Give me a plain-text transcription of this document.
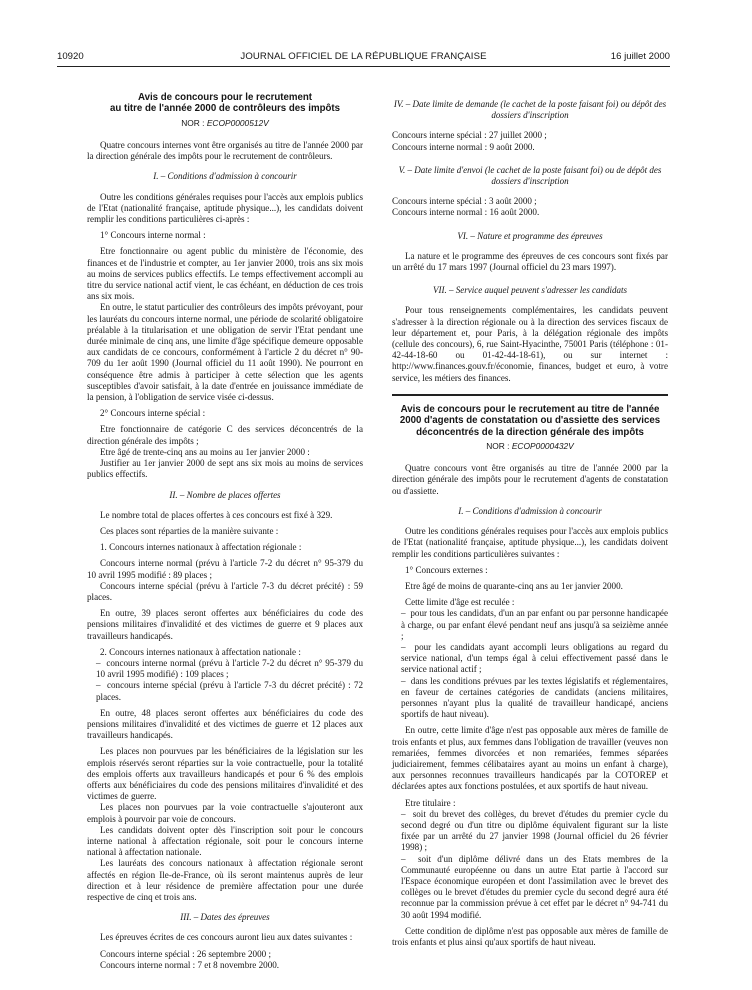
10920	JOURNAL OFFICIEL DE LA RÉPUBLIQUE FRANÇAISE	16 juillet 2000
Avis de concours pour le recrutement
au titre de l'année 2000 de contrôleurs des impôts
NOR : ECOP0000512V

Quatre concours internes vont être organisés au titre de l'année 2000 par la direction générale des impôts pour le recrutement de contrôleurs.

I. – Conditions d'admission à concourir

Outre les conditions générales requises pour l'accès aux emplois publics de l'Etat (nationalité française, aptitude physique...), les candidats doivent remplir les conditions particulières ci-après :

1° Concours interne normal :

Etre fonctionnaire ou agent public du ministère de l'économie, des finances et de l'industrie et compter, au 1er janvier 2000, trois ans six mois au moins de services publics effectifs. Le temps effectivement accompli au titre du service national actif vient, le cas échéant, en déduction de ces trois ans six mois.

En outre, le statut particulier des contrôleurs des impôts prévoyant, pour les lauréats du concours interne normal, une période de scolarité obligatoire préalable à la titularisation et une obligation de servir l'Etat pendant une durée minimale de cinq ans, une limite d'âge spécifique demeure opposable aux candidats de ce concours, conformément à l'article 2 du décret n° 90-709 du 1er août 1990 (Journal officiel du 11 août 1990). Ne pourront en conséquence être admis à participer à cette sélection que les agents susceptibles d'avoir satisfait, à la date d'entrée en jouissance immédiate de la pension, à l'obligation de service visée ci-dessus.

2° Concours interne spécial :

Etre fonctionnaire de catégorie C des services déconcentrés de la direction générale des impôts ;

Etre âgé de trente-cinq ans au moins au 1er janvier 2000 :

Justifier au 1er janvier 2000 de sept ans six mois au moins de services publics effectifs.

II. – Nombre de places offertes

Le nombre total de places offertes à ces concours est fixé à 329.

Ces places sont réparties de la manière suivante :

1. Concours internes nationaux à affectation régionale :

Concours interne normal (prévu à l'article 7-2 du décret n° 95-379 du 10 avril 1995 modifié : 89 places ;

Concours interne spécial (prévu à l'article 7-3 du décret précité) : 59 places.

En outre, 39 places seront offertes aux bénéficiaires du code des pensions militaires d'invalidité et des victimes de guerre et 9 places aux travailleurs handicapés.

2. Concours internes nationaux à affectation nationale :

–  concours interne normal (prévu à l'article 7-2 du décret n° 95-379 du 10 avril 1995 modifié) : 109 places ;

–  concours interne spécial (prévu à l'article 7-3 du décret précité) : 72 places.

En outre, 48 places seront offertes aux bénéficiaires du code des pensions militaires d'invalidité et des victimes de guerre et 12 places aux travailleurs handicapés.

Les places non pourvues par les bénéficiaires de la législation sur les emplois réservés seront réparties sur la voie contractuelle, pour la totalité des emplois offerts aux travailleurs handicapés et pour 6 % des emplois offerts aux bénéficiaires du code des pensions militaires d'invalidité et des victimes de guerre.

Les places non pourvues par la voie contractuelle s'ajouteront aux emplois à pourvoir par voie de concours.

Les candidats doivent opter dès l'inscription soit pour le concours interne national à affectation régionale, soit pour le concours interne national à affectation nationale.

Les lauréats des concours nationaux à affectation régionale seront affectés en région Ile-de-France, où ils seront maintenus auprès de leur direction et à leur résidence de première affectation pour une durée respective de cinq et trois ans.

III. – Dates des épreuves

Les épreuves écrites de ces concours auront lieu aux dates suivantes :

Concours interne spécial : 26 septembre 2000 ;

Concours interne normal : 7 et 8 novembre 2000.

IV. – Date limite de demande (le cachet de la poste faisant foi) ou dépôt des dossiers d'inscription

Concours interne spécial : 27 juillet 2000 ;

Concours interne normal : 9 août 2000.

V. – Date limite d'envoi (le cachet de la poste faisant foi) ou de dépôt des dossiers d'inscription

Concours interne spécial : 3 août 2000 ;

Concours interne normal : 16 août 2000.

VI. – Nature et programme des épreuves

La nature et le programme des épreuves de ces concours sont fixés par un arrêté du 17 mars 1997 (Journal officiel du 23 mars 1997).

VII. – Service auquel peuvent s'adresser les candidats

Pour tous renseignements complémentaires, les candidats peuvent s'adresser à la direction régionale ou à la direction des services fiscaux de leur département et, pour Paris, à la délégation régionale des impôts (cellule des concours), 6, rue Saint-Hyacinthe, 75001 Paris (téléphone : 01-42-44-18-60 ou 01-42-44-18-61), ou sur internet : http://www.finances.gouv.fr/économie, finances, budget et euro, à votre service, les métiers des finances.

Avis de concours pour le recrutement au titre de l'année
2000 d'agents de constatation ou d'assiette des services
déconcentrés de la direction générale des impôts
NOR : ECOP0000432V

Quatre concours vont être organisés au titre de l'année 2000 par la direction générale des impôts pour le recrutement d'agents de constatation ou d'assiette.

I. – Conditions d'admission à concourir

Outre les conditions générales requises pour l'accès aux emplois publics de l'Etat (nationalité française, aptitude physique...), les candidats doivent remplir les conditions particulières suivantes :

1° Concours externes :

Etre âgé de moins de quarante-cinq ans au 1er janvier 2000.

Cette limite d'âge est reculée :

–  pour tous les candidats, d'un an par enfant ou par personne handicapée à charge, ou par enfant élevé pendant neuf ans jusqu'à sa seizième année ;

–  pour les candidats ayant accompli leurs obligations au regard du service national, d'un temps égal à celui effectivement passé dans le service national actif ;

–  dans les conditions prévues par les textes législatifs et réglementaires, en faveur de certaines catégories de candidats (anciens militaires, personnes n'ayant plus la qualité de travailleur handicapé, anciens sportifs de haut niveau).

En outre, cette limite d'âge n'est pas opposable aux mères de famille de trois enfants et plus, aux femmes dans l'obligation de travailler (veuves non remariées, femmes divorcées et non remariées, femmes séparées judiciairement, femmes célibataires ayant au moins un enfant à charge), aux personnes reconnues travailleurs handicapés par la COTOREP et déclarées aptes aux fonctions postulées, et aux sportifs de haut niveau.

Etre titulaire :

–  soit du brevet des collèges, du brevet d'études du premier cycle du second degré ou d'un titre ou diplôme équivalent figurant sur la liste fixée par un arrêté du 27 janvier 1998 (Journal officiel du 26 février 1998) ;

–  soit d'un diplôme délivré dans un des Etats membres de la Communauté européenne ou dans un autre Etat partie à l'accord sur l'Espace économique européen et dont l'assimilation avec le brevet des collèges ou le brevet d'études du premier cycle du second degré aura été reconnue par la commission prévue à cet effet par le décret n° 94-741 du 30 août 1994 modifié.

Cette condition de diplôme n'est pas opposable aux mères de famille de trois enfants et plus ainsi qu'aux sportifs de haut niveau.
